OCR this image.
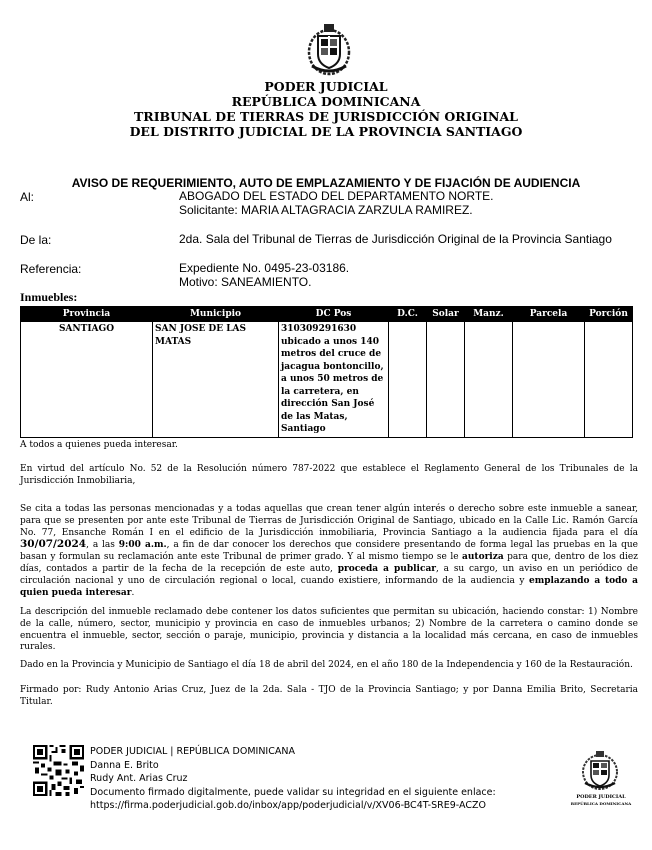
PODER JUDICIAL
REPÚBLICA DOMINICANA
TRIBUNAL DE TIERRAS DE JURISDICCIÓN ORIGINAL
DEL DISTRITO JUDICIAL DE LA PROVINCIA SANTIAGO
AVISO DE REQUERIMIENTO, AUTO DE EMPLAZAMIENTO Y DE FIJACIÓN DE AUDIENCIA
Al:	ABOGADO DEL ESTADO DEL DEPARTAMENTO NORTE.
Solicitante: MARIA ALTAGRACIA ZARZULA RAMIREZ.
De la:	2da. Sala del Tribunal de Tierras de Jurisdicción Original de la Provincia Santiago
Referencia:	Expediente No. 0495-23-03186.
Motivo: SANEAMIENTO.
Inmuebles:
Provincia	Municipio	DC Pos	D.C.	Solar	Manz.	Parcela	Porción
SANTIAGO	SAN JOSE DE LAS MATAS	310309291630 ubicado a unos 140 metros del cruce de jacagua bontoncillo, a unos 50 metros de la carretera, en dirección San José de las Matas, Santiago					
A todos a quienes pueda interesar.
En virtud del artículo No. 52 de la Resolución número 787-2022 que establece el Reglamento General de los Tribunales de la Jurisdicción Inmobiliaria,
Se cita a todas las personas mencionadas y a todas aquellas que crean tener algún interés o derecho sobre este inmueble a sanear, para que se presenten por ante este Tribunal de Tierras de Jurisdicción Original de Santiago, ubicado en la Calle Lic. Ramón García No. 77, Ensanche Román I en el edificio de la Jurisdicción inmobiliaria, Provincia Santiago a la audiencia fijada para el día 30/07/2024, a las 9:00 a.m., a fin de dar conocer los derechos que considere presentando de forma legal las pruebas en la que basan y formulan su reclamación ante este Tribunal de primer grado. Y al mismo tiempo se le autoriza para que, dentro de los diez días, contados a partir de la fecha de la recepción de este auto, proceda a publicar, a su cargo, un aviso en un periódico de circulación nacional y uno de circulación regional o local, cuando existiere, informando de la audiencia y emplazando a todo a quien pueda interesar.
La descripción del inmueble reclamado debe contener los datos suficientes que permitan su ubicación, haciendo constar: 1) Nombre de la calle, número, sector, municipio y provincia en caso de inmuebles urbanos; 2) Nombre de la carretera o camino donde se encuentra el inmueble, sector, sección o paraje, municipio, provincia y distancia a la localidad más cercana, en caso de inmuebles rurales.
Dado en la Provincia y Municipio de Santiago el día 18 de abril del 2024, en el año 180 de la Independencia y 160 de la Restauración.
Firmado por: Rudy Antonio Arias Cruz, Juez de la 2da. Sala - TJO de la Provincia Santiago; y por Danna Emilia Brito, Secretaria Titular.
PODER JUDICIAL | REPÚBLICA DOMINICANA
Danna E. Brito
Rudy Ant. Arias Cruz
Documento firmado digitalmente, puede validar su integridad en el siguiente enlace:
https://firma.poderjudicial.gob.do/inbox/app/poderjudicial/v/XV06-BC4T-SRE9-ACZO
PODER JUDICIAL
REPÚBLICA DOMINICANA
